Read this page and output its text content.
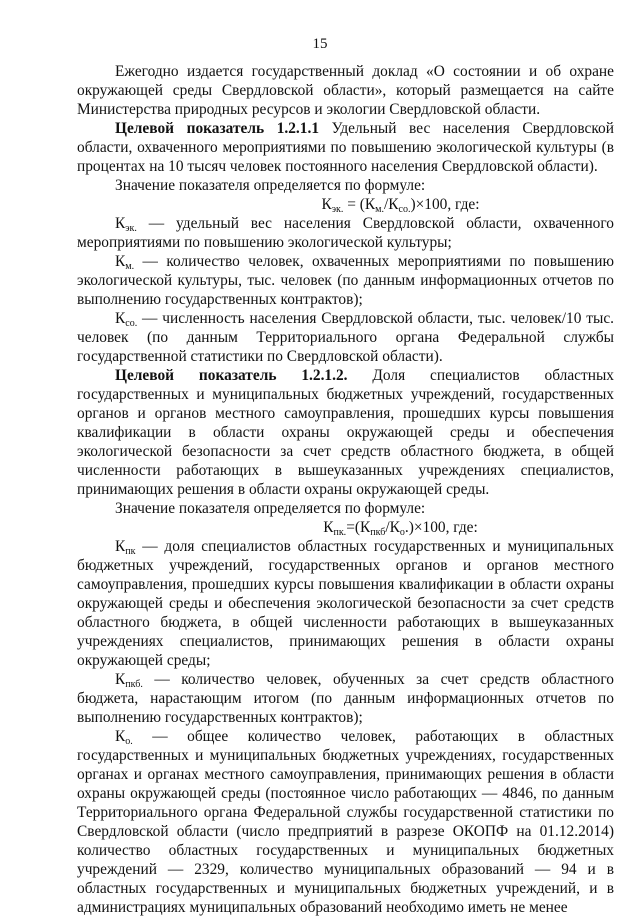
15

Ежегодно издается государственный доклад «О состоянии и об охране окружающей среды Свердловской области», который размещается на сайте Министерства природных ресурсов и экологии Свердловской области.

Целевой показатель 1.2.1.1 Удельный вес населения Свердловской области, охваченного мероприятиями по повышению экологической культуры (в процентах на 10 тысяч человек постоянного населения Свердловской области).

Значение показателя определяется по формуле:

$К_{эк.} = (К_{м.}/К_{со.})\times 100$, где:

$К_{эк.}$ — удельный вес населения Свердловской области, охваченного мероприятиями по повышению экологической культуры;

$К_{м.}$ — количество человек, охваченных мероприятиями по повышению экологической культуры, тыс. человек (по данным информационных отчетов по выполнению государственных контрактов);

$К_{со.}$ — численность населения Свердловской области, тыс. человек/10 тыс. человек (по данным Территориального органа Федеральной службы государственной статистики по Свердловской области).

Целевой показатель 1.2.1.2. Доля специалистов областных государственных и муниципальных бюджетных учреждений, государственных органов и органов местного самоуправления, прошедших курсы повышения квалификации в области охраны окружающей среды и обеспечения экологической безопасности за счет средств областного бюджета, в общей численности работающих в вышеуказанных учреждениях специалистов, принимающих решения в области охраны окружающей среды.

Значение показателя определяется по формуле:

$К_{пк.}=(К_{пкб}/К_о.)\times 100$, где:

$К_{пк}$ — доля специалистов областных государственных и муниципальных бюджетных учреждений, государственных органов и органов местного самоуправления, прошедших курсы повышения квалификации в области охраны окружающей среды и обеспечения экологической безопасности за счет средств областного бюджета, в общей численности работающих в вышеуказанных учреждениях специалистов, принимающих решения в области охраны окружающей среды;

$К_{пкб.}$ — количество человек, обученных за счет средств областного бюджета, нарастающим итогом (по данным информационных отчетов по выполнению государственных контрактов);

$К_{о.}$ — общее количество человек, работающих в областных государственных и муниципальных бюджетных учреждениях, государственных органах и органах местного самоуправления, принимающих решения в области охраны окружающей среды (постоянное число работающих — 4846, по данным Территориального органа Федеральной службы государственной статистики по Свердловской области (число предприятий в разрезе ОКОПФ на 01.12.2014) количество областных государственных и муниципальных бюджетных учреждений — 2329, количество муниципальных образований — 94 и в областных государственных и муниципальных бюджетных учреждений, и в администрациях муниципальных образований необходимо иметь не менее
